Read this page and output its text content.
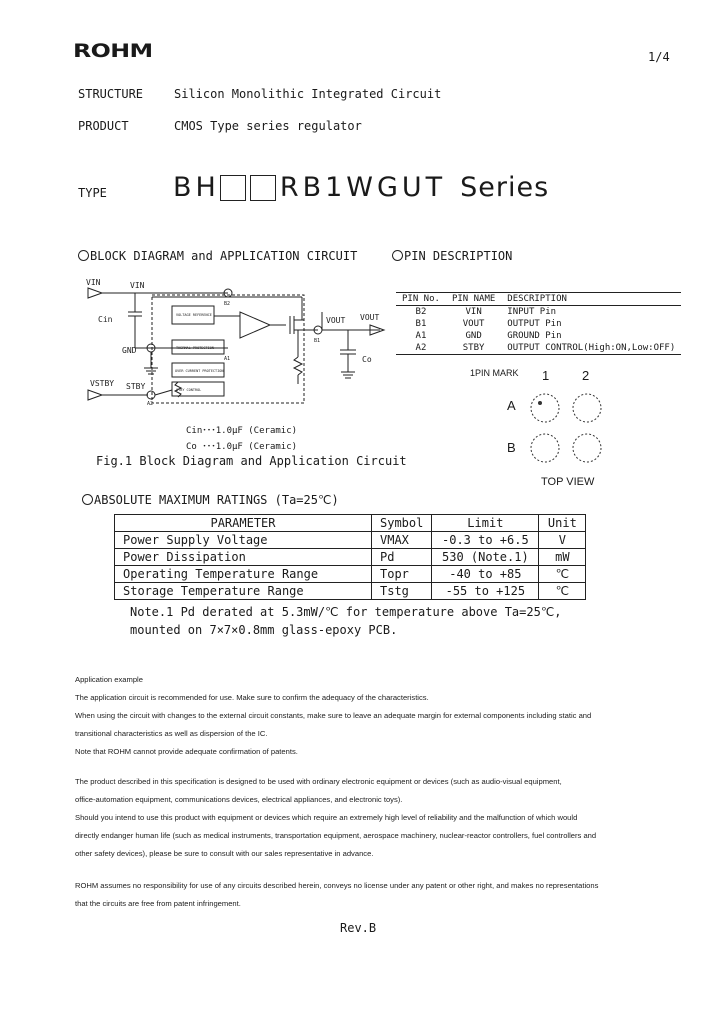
ROHM	1/4
STRUCTURE	Silicon Monolithic Integrated Circuit
PRODUCT	CMOS Type series regulator
TYPE BH RB1WGUT Series
BLOCK DIAGRAM and APPLICATION CIRCUIT
VIN	VIN
Cin
GND
VSTBY STBY
VOUT VOUT
Co
B2
A1
A2
B1
VOLTAGE REFERENCE
THERMAL PROTECTION
OVER CURRENT PROTECTION
STBY CONTROL
Cin･･･1.0μF (Ceramic)
Co ･･･1.0μF (Ceramic)
Fig.1 Block Diagram and Application Circuit
PIN DESCRIPTION
PIN No.	PIN NAME	DESCRIPTION
B2	VIN	INPUT Pin
B1	VOUT	OUTPUT Pin
A1	GND	GROUND Pin
A2	STBY	OUTPUT CONTROL(High:ON,Low:OFF)
1PIN MARK 1	2
A
B
TOP VIEW
ABSOLUTE MAXIMUM RATINGS (Ta=25℃)
PARAMETER	Symbol	Limit	Unit
Power Supply Voltage	VMAX	-0.3 to +6.5	V
Power Dissipation	Pd	530 (Note.1)	mW
Operating Temperature Range	Topr	-40 to +85	℃
Storage Temperature Range	Tstg	-55 to +125	℃
Note.1 Pd derated at 5.3mW/℃ for temperature above Ta=25℃,
mounted on 7×7×0.8mm glass-epoxy PCB.

Application example

The application circuit is recommended for use. Make sure to confirm the adequacy of the characteristics.

When using the circuit with changes to the external circuit constants, make sure to leave an adequate margin for external components including static and

transitional characteristics as well as dispersion of the IC.

Note that ROHM cannot provide adequate confirmation of patents.

The product described in this specification is designed to be used with ordinary electronic equipment or devices (such as audio-visual equipment,

office-automation equipment, communications devices, electrical appliances, and electronic toys).

Should you intend to use this product with equipment or devices which require an extremely high level of reliability and the malfunction of which would

directly endanger human life (such as medical instruments, transportation equipment, aerospace machinery, nuclear-reactor controllers, fuel controllers and

other safety devices), please be sure to consult with our sales representative in advance.

ROHM assumes no responsibility for use of any circuits described herein, conveys no license under any patent or other right, and makes no representations

that the circuits are free from patent infringement.

Rev.B
